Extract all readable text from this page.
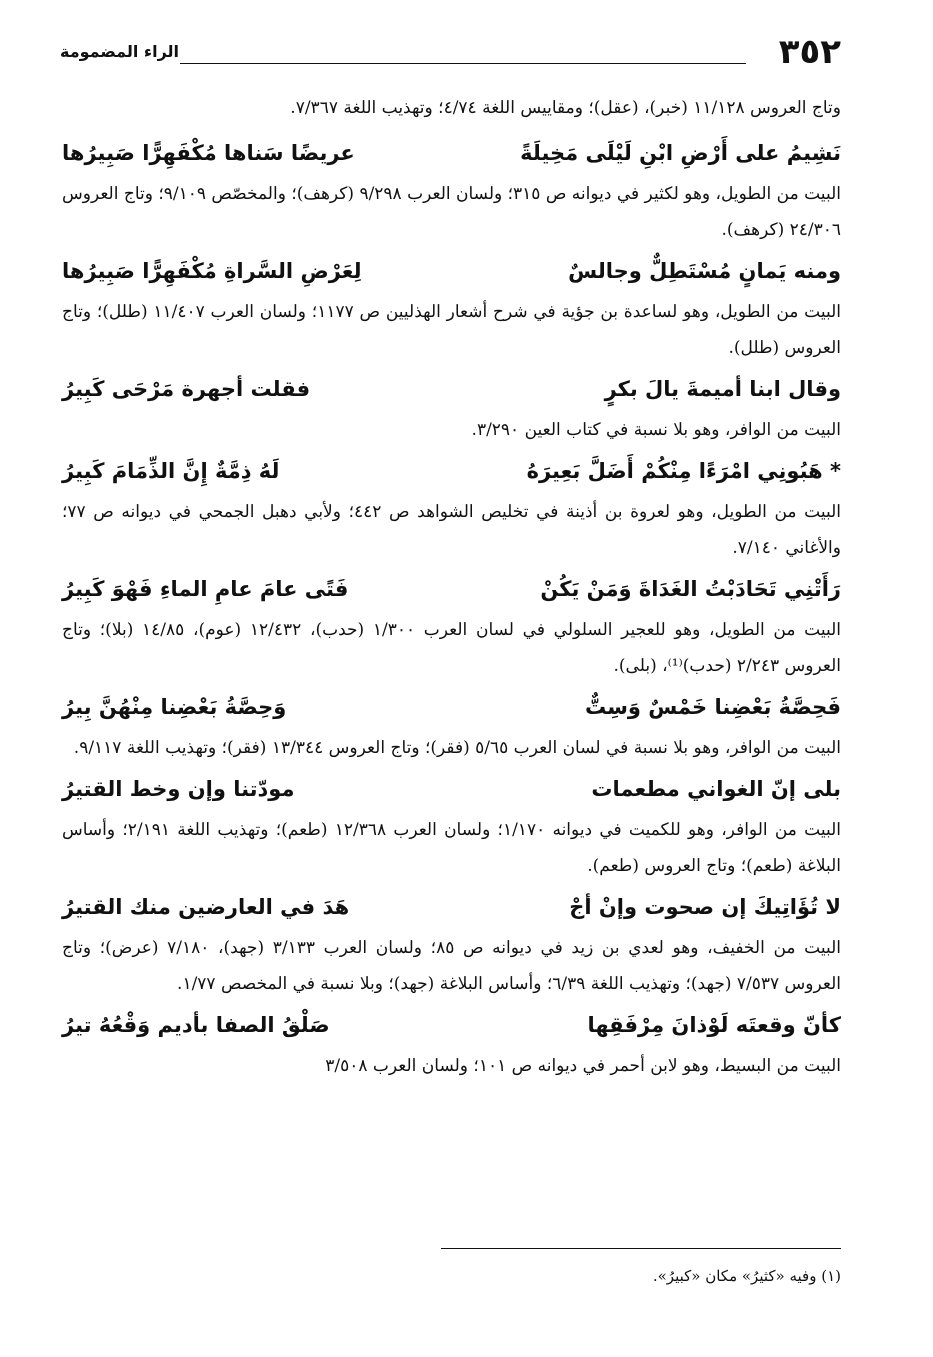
٣٥٢
الراء المضمومة
وتاج العروس ١١/١٢٨ (خبر)، (عقل)؛ ومقاييس اللغة ٤/٧٤؛ وتهذيب اللغة ٧/٣٦٧.
نَشِيمُ على أَرْضِ ابْنِ لَيْلَى مَخِيلَةً
عريضًا سَناها مُكْفَهِرًّا صَبِيرُها
البيت من الطويل، وهو لكثير في ديوانه ص ٣١٥؛ ولسان العرب ٩/٢٩٨ (كرهف)؛ والمخصّص ٩/١٠٩؛ وتاج العروس ٢٤/٣٠٦ (كرهف).
ومنه يَمانٍ مُسْتَطِلٌّ وجالسٌ
لِعَرْضِ السَّراةِ مُكْفَهِرًّا صَبِيرُها
البيت من الطويل، وهو لساعدة بن جؤية في شرح أشعار الهذليين ص ١١٧٧؛ ولسان العرب ١١/٤٠٧ (طلل)؛ وتاج العروس (طلل).
وقال ابنا أميمةَ يالَ بكرٍ
فقلت أجهرة مَرْحَى كَبِيرُ
البيت من الوافر، وهو بلا نسبة في كتاب العين ٣/٢٩٠.
* هَبُونِي امْرَءًا مِنْكُمْ أَضَلَّ بَعِيرَهُ
لَهُ ذِمَّةٌ إِنَّ الذِّمَامَ كَبِيرُ
البيت من الطويل، وهو لعروة بن أذينة في تخليص الشواهد ص ٤٤٢؛ ولأبي دهبل الجمحي في ديوانه ص ٧٧؛ والأغاني ٧/١٤٠.
رَأَتْنِي تَحَادَبْتُ الغَدَاةَ وَمَنْ يَكُنْ
فَتًى عامَ عامِ الماءِ فَهْوَ كَبِيرُ
البيت من الطويل، وهو للعجير السلولي في لسان العرب ١/٣٠٠ (حدب)، ١٢/٤٣٢ (عوم)، ١٤/٨٥ (بلا)؛ وتاج العروس ٢/٢٤٣ (حدب)⁽¹⁾، (بلى).
فَحِصَّةُ بَعْضِنا خَمْسٌ وَسِتٌّ
وَحِصَّةُ بَعْضِنا مِنْهُنَّ بِيرُ
البيت من الوافر، وهو بلا نسبة في لسان العرب ٥/٦٥ (فقر)؛ وتاج العروس ١٣/٣٤٤ (فقر)؛ وتهذيب اللغة ٩/١١٧.
بلى إنّ الغواني مطعمات
مودّتنا وإن وخط القتيرُ
البيت من الوافر، وهو للكميت في ديوانه ١/١٧٠؛ ولسان العرب ١٢/٣٦٨ (طعم)؛ وتهذيب اللغة ٢/١٩١؛ وأساس البلاغة (طعم)؛ وتاج العروس (طعم).
لا تُؤَاتِيكَ إن صحوت وإنْ أجْ
هَدَ في العارضين منك القتيرُ
البيت من الخفيف، وهو لعدي بن زيد في ديوانه ص ٨٥؛ ولسان العرب ٣/١٣٣ (جهد)، ٧/١٨٠ (عرض)؛ وتاج العروس ٧/٥٣٧ (جهد)؛ وتهذيب اللغة ٦/٣٩؛ وأساس البلاغة (جهد)؛ وبلا نسبة في المخصص ١/٧٧.
كأنّ وقعتَه لَوْذانَ مِرْفَقِها
صَلْقُ الصفا بأديم وَقْعُهُ تيرُ
البيت من البسيط، وهو لابن أحمر في ديوانه ص ١٠١؛ ولسان العرب ٣/٥٠٨
(١) وفيه «كثيرُ» مكان «كبيرُ».
